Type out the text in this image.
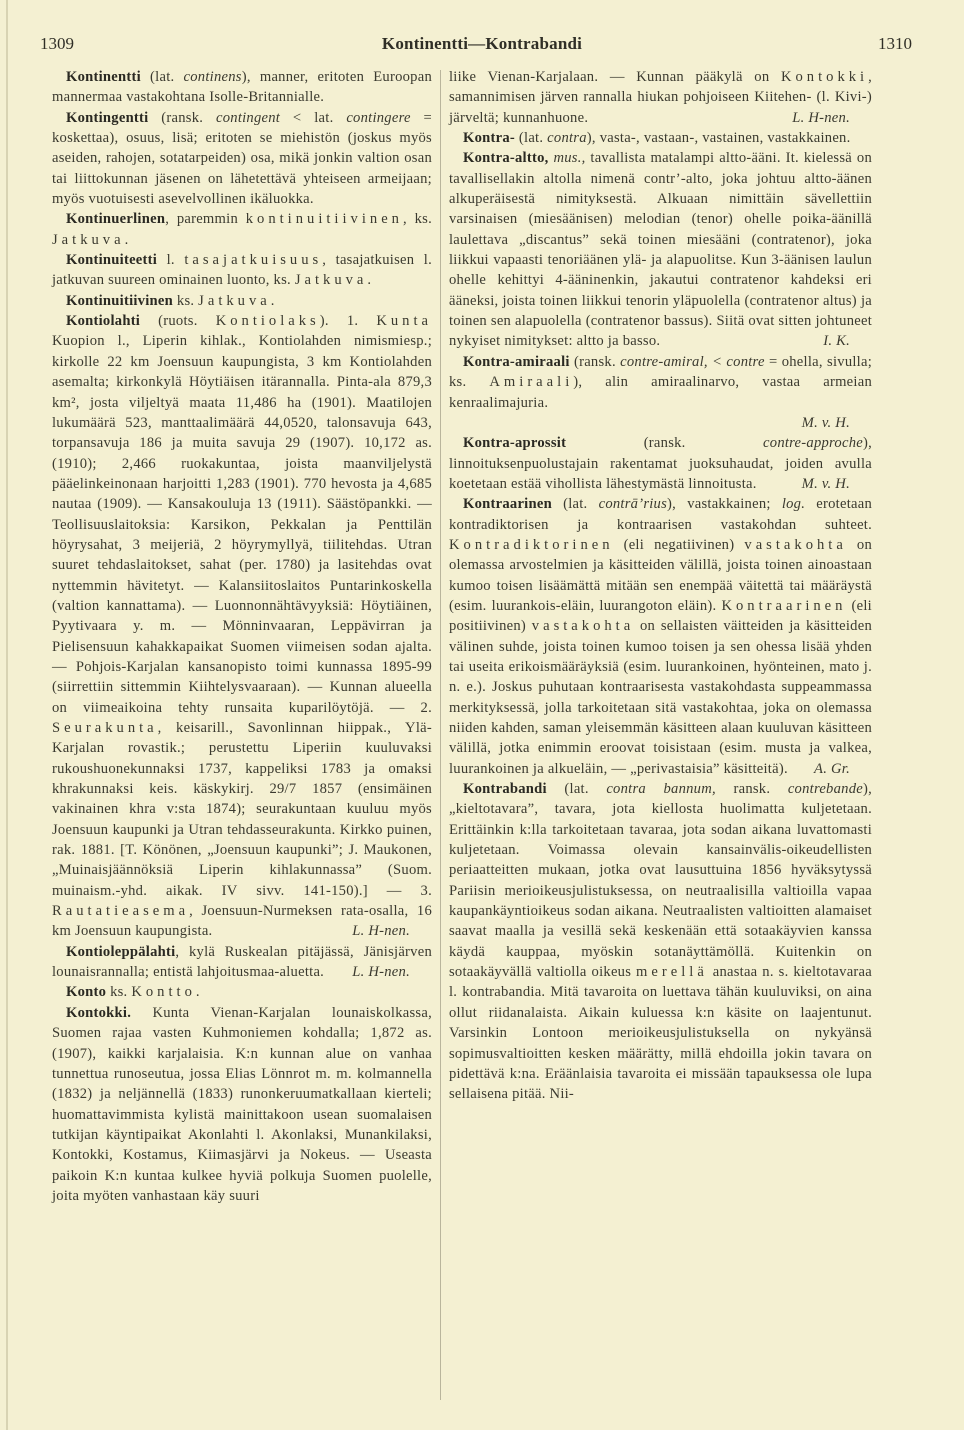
1309	Kontinentti—Kontrabandi	1310

Kontinentti (lat. continens), manner, eritoten Euroopan mannermaa vastakohtana Isolle-Britannialle.

Kontingentti (ransk. contingent < lat. contingere = koskettaa), osuus, lisä; eritoten se miehistön (joskus myös aseiden, rahojen, sotatarpeiden) osa, mikä jonkin valtion osan tai liittokunnan jäsenen on lähetettävä yhteiseen armeijaan; myös vuotuisesti asevelvollinen ikäluokka.

Kontinuerlinen, paremmin kontinuitiivinen, ks. Jatkuva.

Kontinuiteetti l. tasajatkuisuus, tasajatkuisen l. jatkuvan suureen ominainen luonto, ks. Jatkuva.

Kontinuitiivinen ks. Jatkuva.

Kontiolahti (ruots. Kontiolaks). 1. Kunta Kuopion l., Liperin kihlak., Kontiolahden nimismiesp.; kirkolle 22 km Joensuun kaupungista, 3 km Kontiolahden asemalta; kirkonkylä Höytiäisen itärannalla. Pinta-ala 879,3 km², josta viljeltyä maata 11,486 ha (1901). Maatilojen lukumäärä 523, manttaalimäärä 44,0520, talonsavuja 643, torpansavuja 186 ja muita savuja 29 (1907). 10,172 as. (1910); 2,466 ruokakuntaa, joista maanviljelystä pääelinkeinonaan harjoitti 1,283 (1901). 770 hevosta ja 4,685 nautaa (1909). — Kansakouluja 13 (1911). Säästöpankki. — Teollisuuslaitoksia: Karsikon, Pekkalan ja Penttilän höyrysahat, 3 meijeriä, 2 höyrymyllyä, tiilitehdas. Utran suuret tehdaslaitokset, sahat (per. 1780) ja lasitehdas ovat nyttemmin hävitetyt. — Kalansiitoslaitos Puntarinkoskella (valtion kannattama). — Luonnonnähtävyyksiä: Höytiäinen, Pyytivaara y. m. — Mönninvaaran, Leppävirran ja Pielisensuun kahakkapaikat Suomen viimeisen sodan ajalta. — Pohjois-Karjalan kansanopisto toimi kunnassa 1895-99 (siirrettiin sittemmin Kiihtelysvaaraan). — Kunnan alueella on viimeaikoina tehty runsaita kuparilöytöjä. — 2. Seurakunta, keisarill., Savonlinnan hiippak., Ylä-Karjalan rovastik.; perustettu Liperiin kuuluvaksi rukoushuonekunnaksi 1737, kappeliksi 1783 ja omaksi khrakunnaksi keis. käskykirj. 29/7 1857 (ensimäinen vakinainen khra v:sta 1874); seurakuntaan kuuluu myös Joensuun kaupunki ja Utran tehdasseurakunta. Kirkko puinen, rak. 1881. [T. Könönen, „Joensuun kaupunki”; J. Maukonen, „Muinaisjäännöksiä Liperin kihlakunnassa” (Suom. muinaism.-yhd. aikak. IV sivv. 141-150).] — 3. Rautatieasema, Joensuun-Nurmeksen rata-osalla, 16 km Joensuun kaupungista.	L. H-nen.

Kontioleppälahti, kylä Ruskealan pitäjässä, Jänisjärven lounaisrannalla; entistä lahjoitusmaa-aluetta. L. H-nen.

Konto ks. Kontto.

Kontokki. Kunta Vienan-Karjalan lounaiskolkassa, Suomen rajaa vasten Kuhmoniemen kohdalla; 1,872 as. (1907), kaikki karjalaisia. K:n kunnan alue on vanhaa tunnettua runoseutua, jossa Elias Lönnrot m. m. kolmannella (1832) ja neljännellä (1833) runonkeruumatkallaan kierteli; huomattavimmista kylistä mainittakoon usean suomalaisen tutkijan käyntipaikat Akonlahti l. Akonlaksi, Munankilaksi, Kontokki, Kostamus, Kiimasjärvi ja Nokeus. — Useasta paikoin K:n kuntaa kulkee hyviä polkuja Suomen puolelle, joita myöten vanhastaan käy suuri

liike Vienan-Karjalaan. — Kunnan pääkylä on Kontokki, samannimisen järven rannalla hiukan pohjoiseen Kiitehen- (l. Kivi-) järveltä; kunnanhuone.	L. H-nen.

Kontra- (lat. contra), vasta-, vastaan-, vastainen, vastakkainen.

Kontra-altto, mus., tavallista matalampi altto-ääni. It. kielessä on tavallisellakin altolla nimenä contr’-alto, joka johtuu altto-äänen alkuperäisestä nimityksestä. Alkuaan nimittäin sävellettiin varsinaisen (miesäänisen) melodian (tenor) ohelle poika-äänillä laulettava „discantus” sekä toinen miesääni (contratenor), joka liikkui vapaasti tenoriäänen ylä- ja alapuolitse. Kun 3-äänisen laulun ohelle kehittyi 4-ääninenkin, jakautui contratenor kahdeksi eri ääneksi, joista toinen liikkui tenorin yläpuolella (contratenor altus) ja toinen sen alapuolella (contratenor bassus). Siitä ovat sitten johtuneet nykyiset nimitykset: altto ja basso.	I. K.

Kontra-amiraali (ransk. contre-amiral, < contre = ohella, sivulla; ks. Amiraali), alin amiraalinarvo, vastaa armeian kenraalimajuria.
M. v. H.

Kontra-aprossit (ransk. contre-approche), linnoituksenpuolustajain rakentamat juoksuhaudat, joiden avulla koetetaan estää vihollista lähestymästä linnoitusta.	M. v. H.

Kontraarinen (lat. contrā’rius), vastakkainen; log. erotetaan kontradiktorisen ja kontraarisen vastakohdan suhteet. Kontradiktorinen (eli negatiivinen) vastakohta on olemassa arvostelmien ja käsitteiden välillä, joista toinen ainoastaan kumoo toisen lisäämättä mitään sen enempää väitettä tai määräystä (esim. luurankois-eläin, luurangoton eläin). Kontraarinen (eli positiivinen) vastakohta on sellaisten väitteiden ja käsitteiden välinen suhde, joista toinen kumoo toisen ja sen ohessa lisää yhden tai useita erikoismääräyksiä (esim. luurankoinen, hyönteinen, mato j. n. e.). Joskus puhutaan kontraarisesta vastakohdasta suppeammassa merkityksessä, jolla tarkoitetaan sitä vastakohtaa, joka on olemassa niiden kahden, saman yleisemmän käsitteen alaan kuuluvan käsitteen välillä, jotka enimmin eroovat toisistaan (esim. musta ja valkea, luurankoinen ja alkueläin, — „perivastaisia” käsitteitä). A. Gr.

Kontrabandi (lat. contra bannum, ransk. contrebande), „kieltotavara”, tavara, jota kiellosta huolimatta kuljetetaan. Erittäinkin k:lla tarkoitetaan tavaraa, jota sodan aikana luvattomasti kuljetetaan. Voimassa olevain kansainvälis-oikeudellisten periaatteitten mukaan, jotka ovat lausuttuina 1856 hyväksytyssä Pariisin merioikeusjulistuksessa, on neutraalisilla valtioilla vapaa kaupankäyntioikeus sodan aikana. Neutraalisten valtioitten alamaiset saavat maalla ja vesillä sekä keskenään että sotaakäyvien kanssa käydä kauppaa, myöskin sotanäyttämöllä. Kuitenkin on sotaakäyvällä valtiolla oikeus merellä anastaa n. s. kieltotavaraa l. kontrabandia. Mitä tavaroita on luettava tähän kuuluviksi, on aina ollut riidanalaista. Aikain kuluessa k:n käsite on laajentunut. Varsinkin Lontoon merioikeusjulistuksella on nykyänsä sopimusvaltioitten kesken määrätty, millä ehdoilla jokin tavara on pidettävä k:na. Eräänlaisia tavaroita ei missään tapauksessa ole lupa sellaisena pitää. Nii-
